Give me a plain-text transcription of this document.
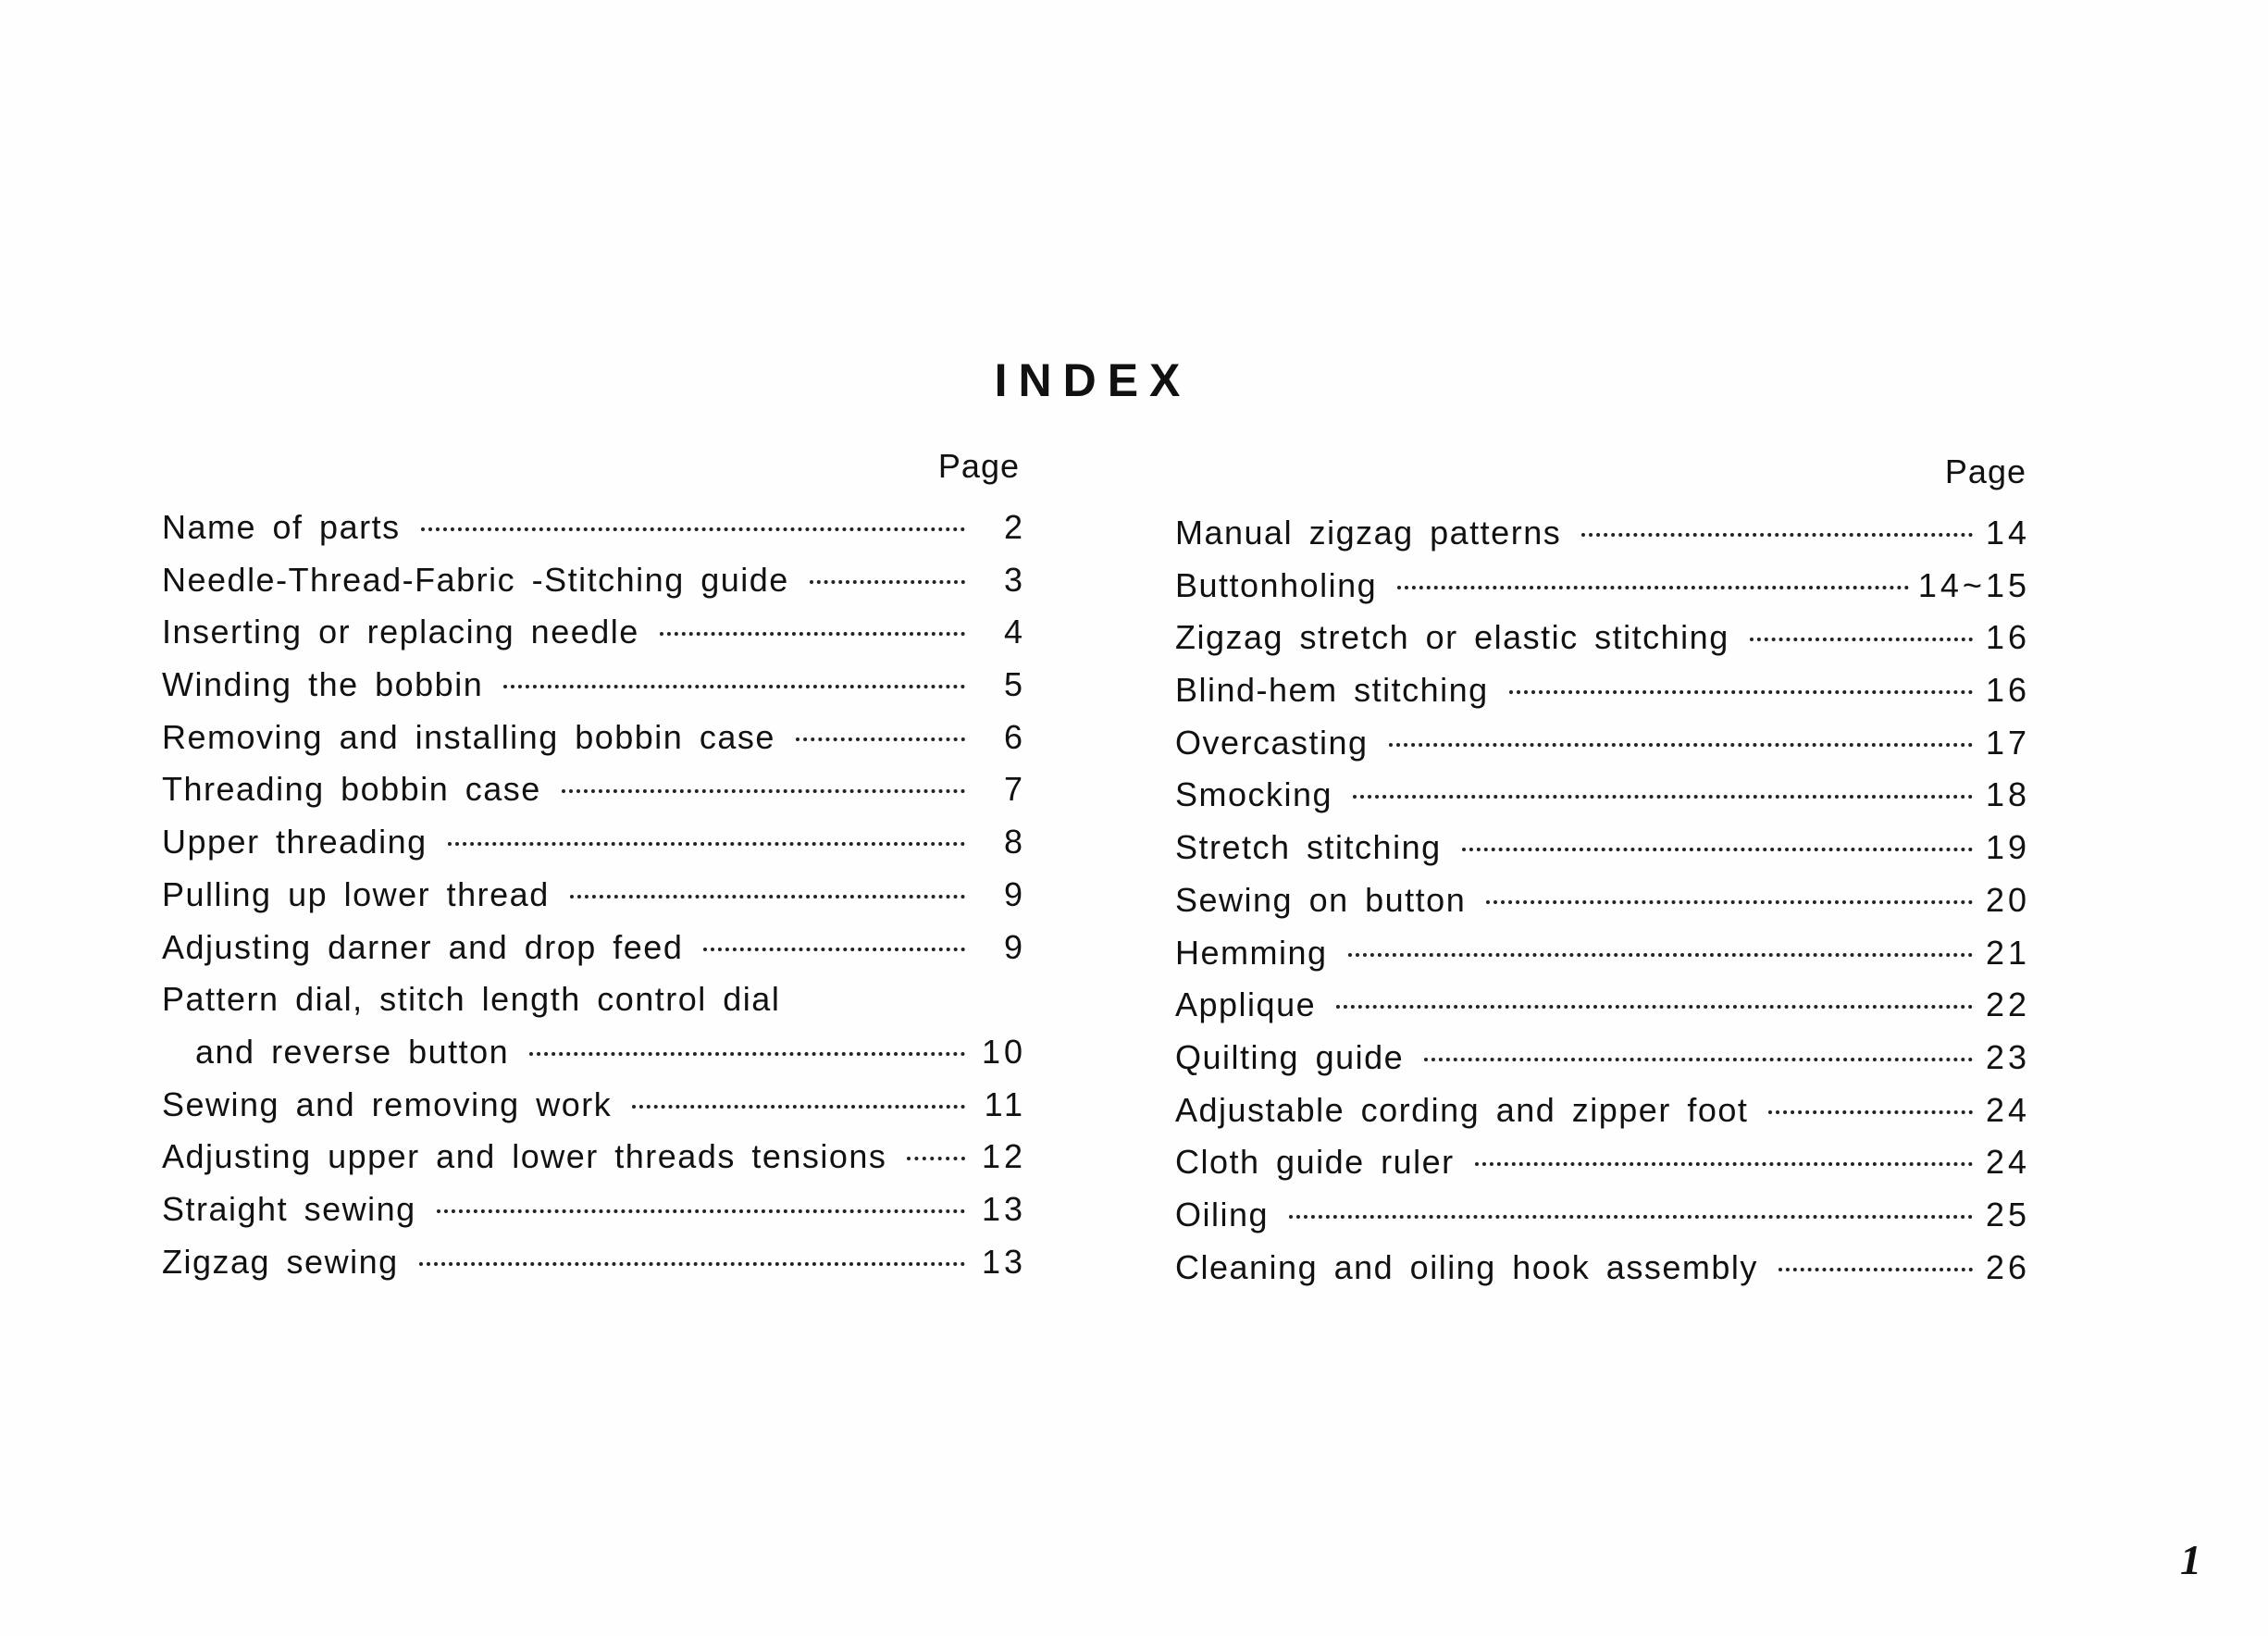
INDEX
Page
Name of parts	2
Needle-Thread-Fabric -Stitching guide	3
Inserting or replacing needle	4
Winding the bobbin	5
Removing and installing bobbin case	6
Threading bobbin case	7
Upper threading	8
Pulling up lower thread	9
Adjusting darner and drop feed	9
Pattern dial, stitch length control dial
and reverse button	10
Sewing and removing work	11
Adjusting upper and lower threads tensions	12
Straight sewing	13
Zigzag sewing	13
Page
Manual zigzag patterns	14
Buttonholing	14~15
Zigzag stretch or elastic stitching	16
Blind-hem stitching	16
Overcasting	17
Smocking	18
Stretch stitching	19
Sewing on button	20
Hemming	21
Applique	22
Quilting guide	23
Adjustable cording and zipper foot	24
Cloth guide ruler	24
Oiling	25
Cleaning and oiling hook assembly	26
1
